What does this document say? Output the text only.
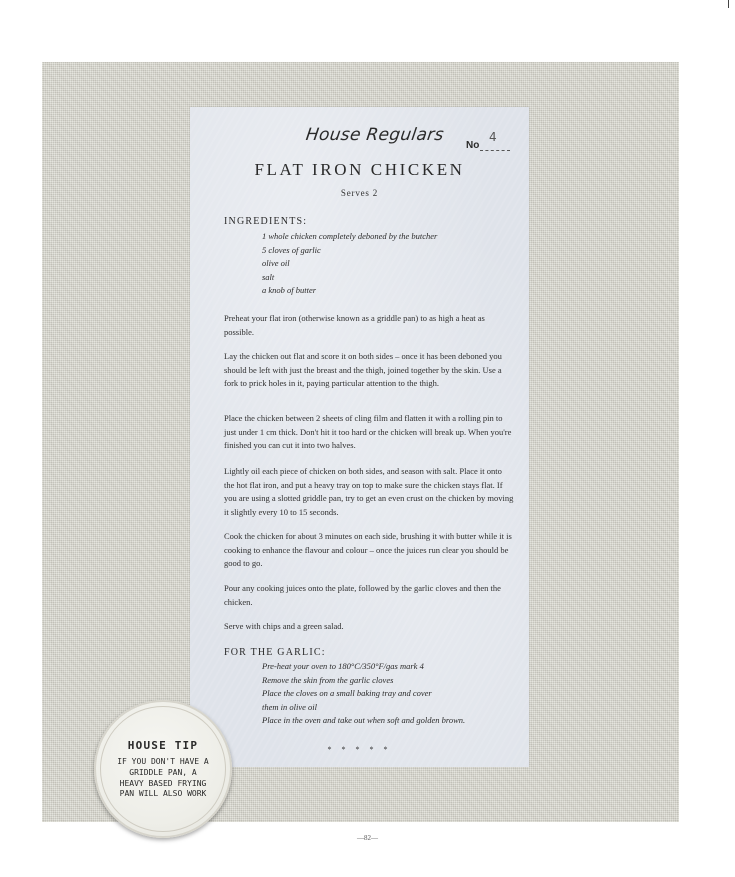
House Regulars
No
4
FLAT IRON CHICKEN
Serves 2
INGREDIENTS:
1 whole chicken completely deboned by the butcher
5 cloves of garlic
olive oil
salt
a knob of butter

Preheat your flat iron (otherwise known as a griddle pan) to as high a heat as possible.

Lay the chicken out flat and score it on both sides – once it has been deboned you should be left with just the breast and the thigh, joined together by the skin. Use a fork to prick holes in it, paying particular attention to the thigh.

Place the chicken between 2 sheets of cling film and flatten it with a rolling pin to just under 1 cm thick. Don't hit it too hard or the chicken will break up. When you're finished you can cut it into two halves.

Lightly oil each piece of chicken on both sides, and season with salt. Place it onto the hot flat iron, and put a heavy tray on top to make sure the chicken stays flat. If you are using a slotted griddle pan, try to get an even crust on the chicken by moving it slightly every 10 to 15 seconds.

Cook the chicken for about 3 minutes on each side, brushing it with butter while it is cooking to enhance the flavour and colour – once the juices run clear you should be good to go.

Pour any cooking juices onto the plate, followed by the garlic cloves and then the chicken.

Serve with chips and a green salad.

FOR THE GARLIC:
Pre-heat your oven to 180°C/350°F/gas mark 4
Remove the skin from the garlic cloves
Place the cloves on a small baking tray and cover
them in olive oil
Place in the oven and take out when soft and golden brown.
* * * * *
HOUSE TIP
IF YOU DON'T HAVE A
GRIDDLE PAN, A
HEAVY BASED FRYING
PAN WILL ALSO WORK
—82—
